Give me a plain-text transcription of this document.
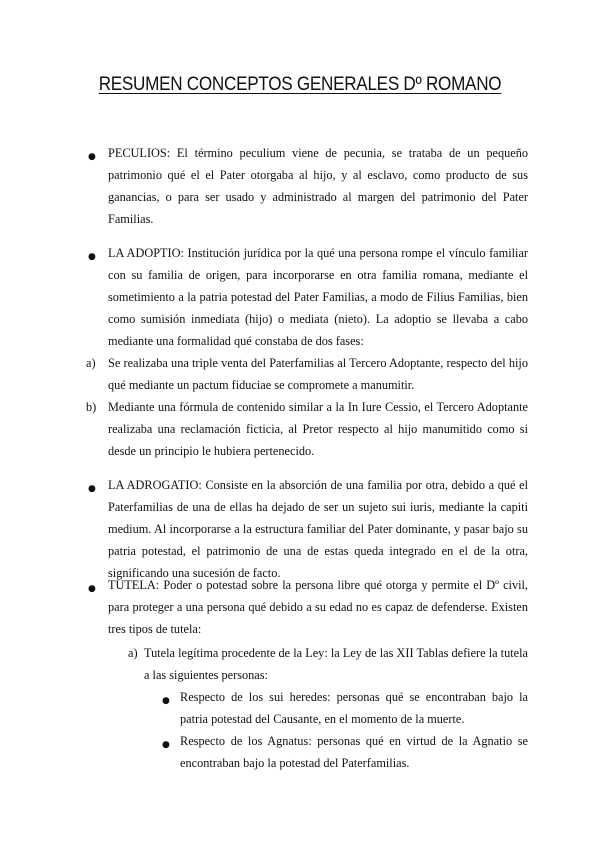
RESUMEN CONCEPTOS GENERALES Dº ROMANO
● PECULIOS: El término peculium viene de pecunia, se trataba de un pequeño patrimonio qué el el Pater otorgaba al hijo, y al esclavo, como producto de sus ganancias, o para ser usado y administrado al margen del patrimonio del Pater Familias.
● LA ADOPTIO: Institución jurídica por la qué una persona rompe el vínculo familiar con su familia de origen, para incorporarse en otra familia romana, mediante el sometimiento a la patria potestad del Pater Familias, a modo de Filius Familias, bien como sumisión inmediata (hijo) o mediata (nieto). La adoptio se llevaba a cabo mediante una formalidad qué constaba de dos fases:
a) Se realizaba una triple venta del Paterfamilias al Tercero Adoptante, respecto del hijo qué mediante un pactum fiduciae se compromete a manumitir.
b) Mediante una fórmula de contenido similar a la In Iure Cessio, el Tercero Adoptante realizaba una reclamación ficticia, al Pretor respecto al hijo manumitido como si desde un principio le hubiera pertenecido.
● LA ADROGATIO: Consiste en la absorción de una familia por otra, debido a qué el Paterfamilias de una de ellas ha dejado de ser un sujeto sui iuris, mediante la capiti medium. Al incorporarse a la estructura familiar del Pater dominante, y pasar bajo su patria potestad, el patrimonio de una de estas queda integrado en el de la otra, significando una sucesión de facto.
● TUTELA: Poder o potestad sobre la persona libre qué otorga y permite el Dº civil, para proteger a una persona qué debido a su edad no es capaz de defenderse. Existen tres tipos de tutela:
a) Tutela legítima procedente de la Ley: la Ley de las XII Tablas defiere la tutela a las siguientes personas:
● Respecto de los sui heredes: personas qué se encontraban bajo la patria potestad del Causante, en el momento de la muerte.
● Respecto de los Agnatus: personas qué en virtud de la Agnatio se encontraban bajo la potestad del Paterfamilias.
